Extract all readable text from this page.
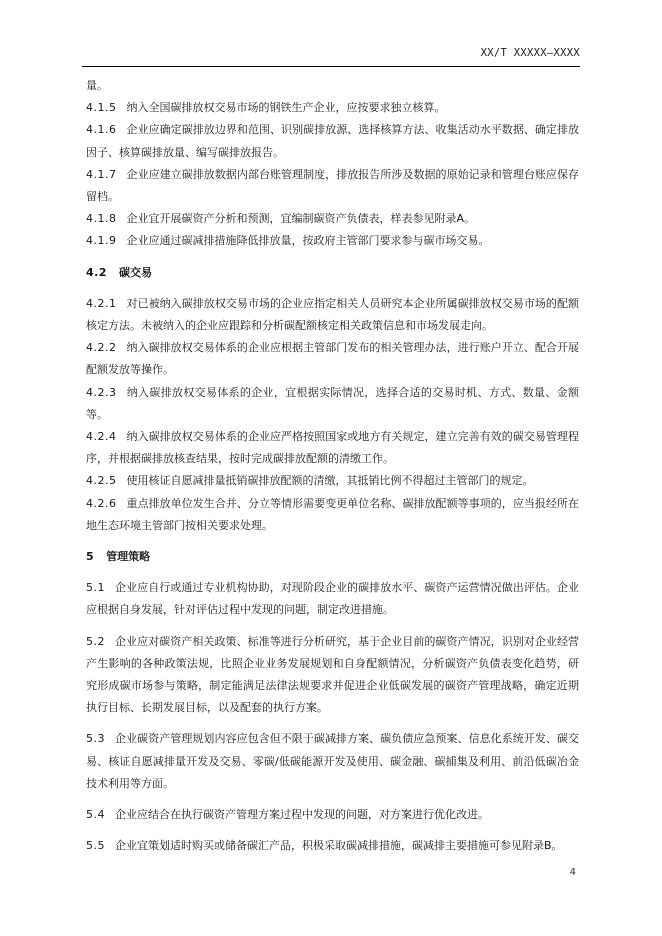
XX/T XXXXX—XXXX

量。

4.1.5 纳入全国碳排放权交易市场的钢铁生产企业，应按要求独立核算。

4.1.6 企业应确定碳排放边界和范围、识别碳排放源、选择核算方法、收集活动水平数据、确定排放因子、核算碳排放量、编写碳排放报告。

4.1.7 企业应建立碳排放数据内部台账管理制度，排放报告所涉及数据的原始记录和管理台账应保存留档。

4.1.8 企业宜开展碳资产分析和预测，宜编制碳资产负债表，样表参见附录A。

4.1.9 企业应通过碳减排措施降低排放量，按政府主管部门要求参与碳市场交易。

4.2 碳交易

4.2.1 对已被纳入碳排放权交易市场的企业应指定相关人员研究本企业所属碳排放权交易市场的配额核定方法。未被纳入的企业应跟踪和分析碳配额核定相关政策信息和市场发展走向。

4.2.2 纳入碳排放权交易体系的企业应根据主管部门发布的相关管理办法，进行账户开立、配合开展配额发放等操作。

4.2.3 纳入碳排放权交易体系的企业，宜根据实际情况，选择合适的交易时机、方式、数量、金额等。

4.2.4 纳入碳排放权交易体系的企业应严格按照国家或地方有关规定，建立完善有效的碳交易管理程序，并根据碳排放核查结果，按时完成碳排放配额的清缴工作。

4.2.5 使用核证自愿减排量抵销碳排放配额的清缴，其抵销比例不得超过主管部门的规定。

4.2.6 重点排放单位发生合并、分立等情形需要变更单位名称、碳排放配额等事项的，应当报经所在地生态环境主管部门按相关要求处理。

5 管理策略

5.1 企业应自行或通过专业机构协助，对现阶段企业的碳排放水平、碳资产运营情况做出评估。企业应根据自身发展，针对评估过程中发现的问题，制定改进措施。

5.2 企业应对碳资产相关政策、标准等进行分析研究，基于企业目前的碳资产情况，识别对企业经营产生影响的各种政策法规，比照企业业务发展规划和自身配额情况，分析碳资产负债表变化趋势，研究形成碳市场参与策略，制定能满足法律法规要求并促进企业低碳发展的碳资产管理战略，确定近期执行目标、长期发展目标，以及配套的执行方案。

5.3 企业碳资产管理规划内容应包含但不限于碳减排方案、碳负债应急预案、信息化系统开发、碳交易、核证自愿减排量开发及交易、零碳/低碳能源开发及使用、碳金融、碳捕集及利用、前沿低碳冶金技术利用等方面。

5.4 企业应结合在执行碳资产管理方案过程中发现的问题，对方案进行优化改进。

5.5 企业宜策划适时购买或储备碳汇产品，积极采取碳减排措施，碳减排主要措施可参见附录B。

4
